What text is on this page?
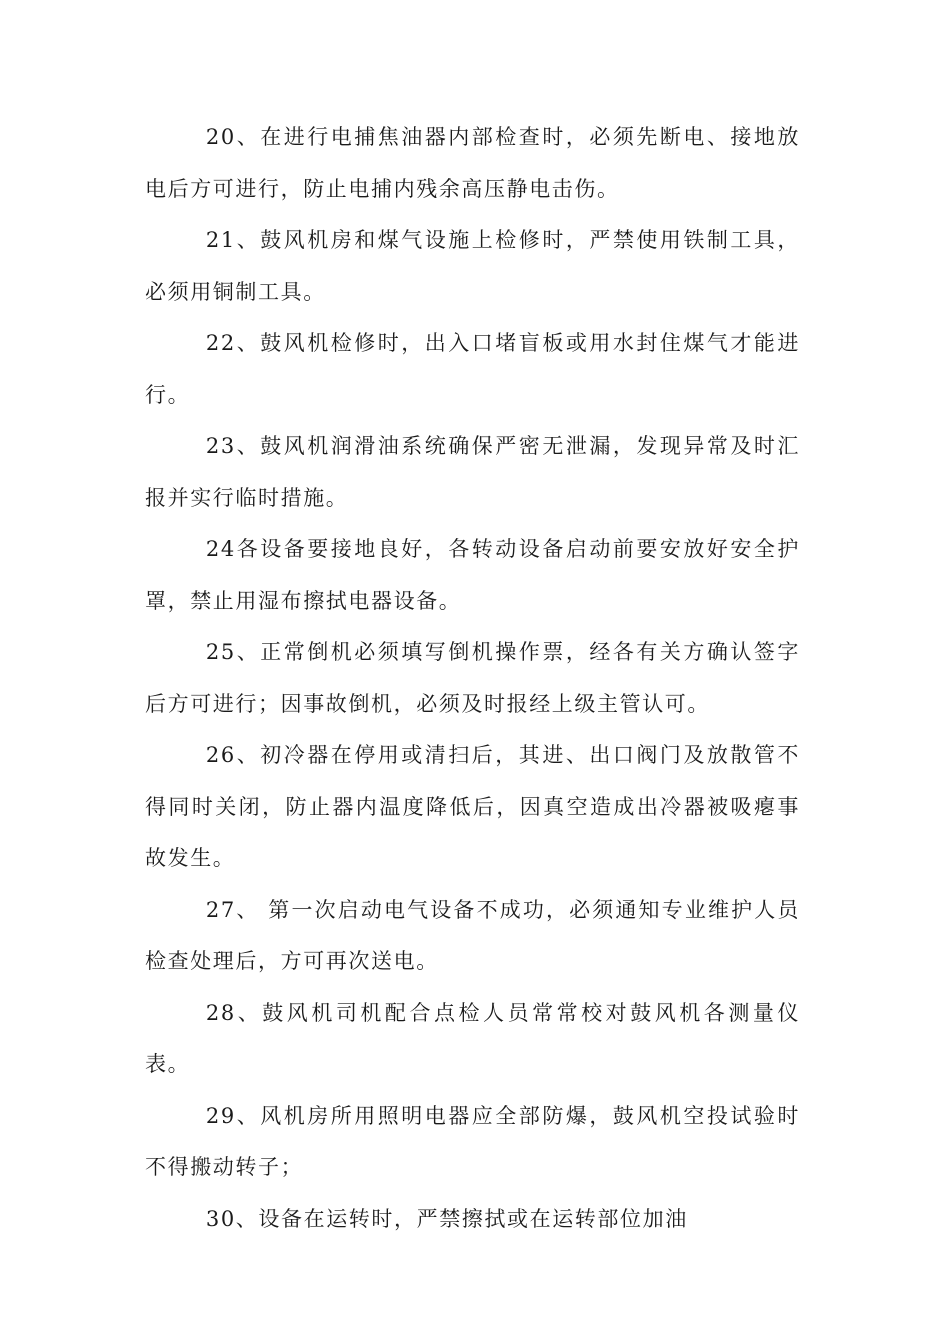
20、在进行电捕焦油器内部检查时，必须先断电、接地放电后方可进行，防止电捕内残余高压静电击伤。

21、鼓风机房和煤气设施上检修时，严禁使用铁制工具，必须用铜制工具。

22、鼓风机检修时，出入口堵盲板或用水封住煤气才能进行。

23、鼓风机润滑油系统确保严密无泄漏，发现异常及时汇报并实行临时措施。

24各设备要接地良好，各转动设备启动前要安放好安全护罩，禁止用湿布擦拭电器设备。

25、正常倒机必须填写倒机操作票，经各有关方确认签字后方可进行；因事故倒机，必须及时报经上级主管认可。

26、初冷器在停用或清扫后，其进、出口阀门及放散管不得同时关闭，防止器内温度降低后，因真空造成出冷器被吸瘪事故发生。

27、 第一次启动电气设备不成功，必须通知专业维护人员检查处理后，方可再次送电。

28、鼓风机司机配合点检人员常常校对鼓风机各测量仪表。

29、风机房所用照明电器应全部防爆，鼓风机空投试验时不得搬动转子；

30、设备在运转时，严禁擦拭或在运转部位加油
